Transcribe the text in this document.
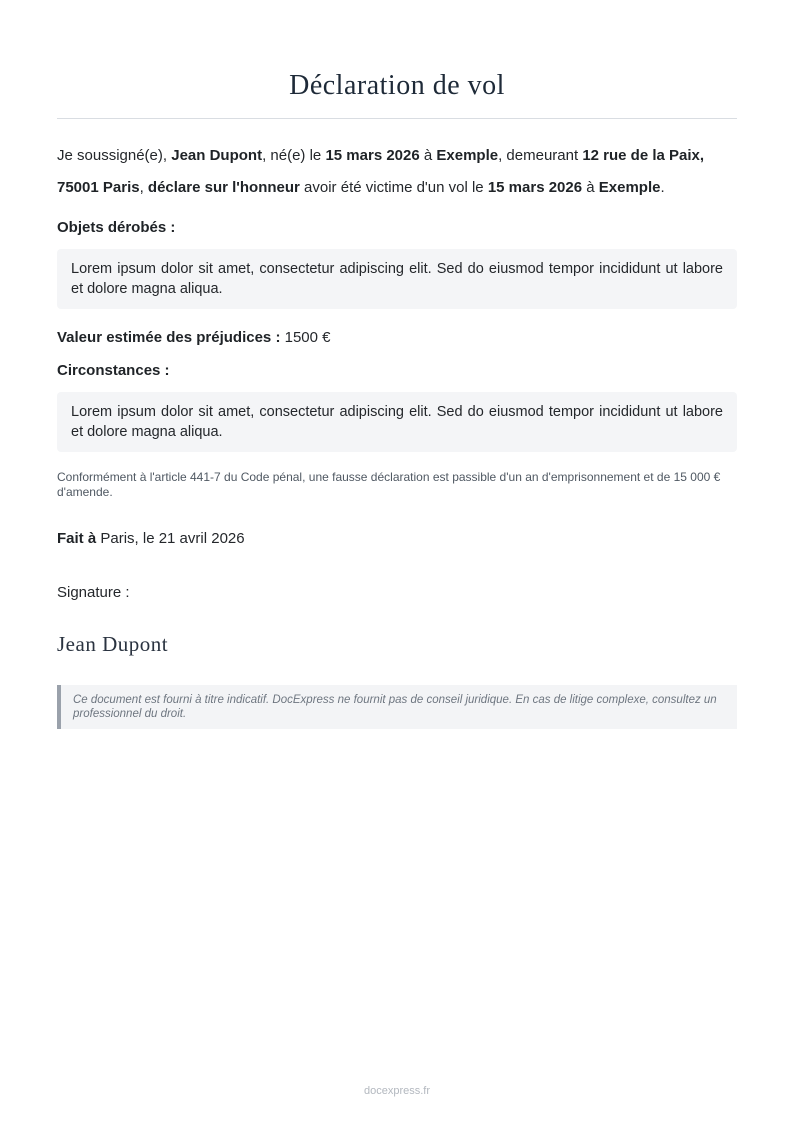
Déclaration de vol

Je soussigné(e), Jean Dupont, né(e) le 15 mars 2026 à Exemple, demeurant 12 rue de la Paix, 75001 Paris, déclare sur l'honneur avoir été victime d'un vol le 15 mars 2026 à Exemple.

Objets dérobés :

Lorem ipsum dolor sit amet, consectetur adipiscing elit. Sed do eiusmod tempor incididunt ut labore et dolore magna aliqua.

Valeur estimée des préjudices : 1500 €

Circonstances :

Lorem ipsum dolor sit amet, consectetur adipiscing elit. Sed do eiusmod tempor incididunt ut labore et dolore magna aliqua.

Conformément à l'article 441-7 du Code pénal, une fausse déclaration est passible d'un an d'emprisonnement et de 15 000 € d'amende.

Fait à Paris, le 21 avril 2026

Signature :

Jean Dupont

Ce document est fourni à titre indicatif. DocExpress ne fournit pas de conseil juridique. En cas de litige complexe, consultez un professionnel du droit.
docexpress.fr
